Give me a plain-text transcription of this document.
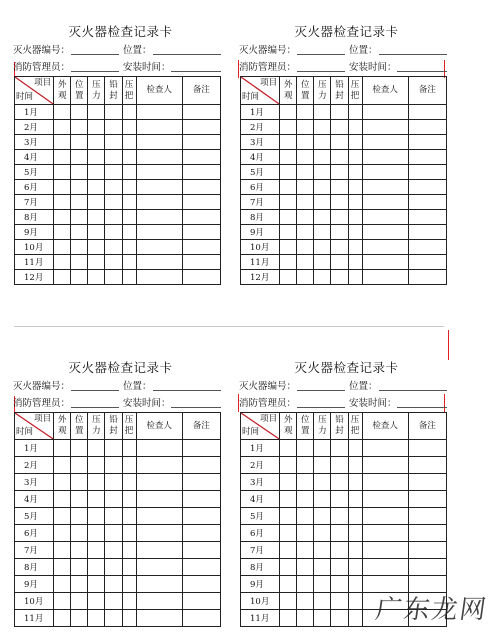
灭火器检查记录卡
灭火器编号：	位置：
消防管理员：	安装时间：
项目
时间	外观	位置	压力	铅封	压把	检查人	备注
1月							
2月							
3月							
4月							
5月							
6月							
7月							
8月							
9月							
10月							
11月							
12月							
灭火器检查记录卡
灭火器编号：	位置：
消防管理员：	安装时间：
项目
时间	外观	位置	压力	铅封	压把	检查人	备注
1月							
2月							
3月							
4月							
5月							
6月							
7月							
8月							
9月							
10月							
11月							
12月							
灭火器检查记录卡
灭火器编号：	位置：
消防管理员：	安装时间：
项目
时间	外观	位置	压力	铅封	压把	检查人	备注
1月							
2月							
3月							
4月							
5月							
6月							
7月							
8月							
9月							
10月							
11月							
灭火器检查记录卡
灭火器编号：	位置：
消防管理员：	安装时间：
项目
时间	外观	位置	压力	铅封	压把	检查人	备注
1月							
2月							
3月							
4月							
5月							
6月							
7月							
8月							
9月							
10月							
11月								广东龙网
